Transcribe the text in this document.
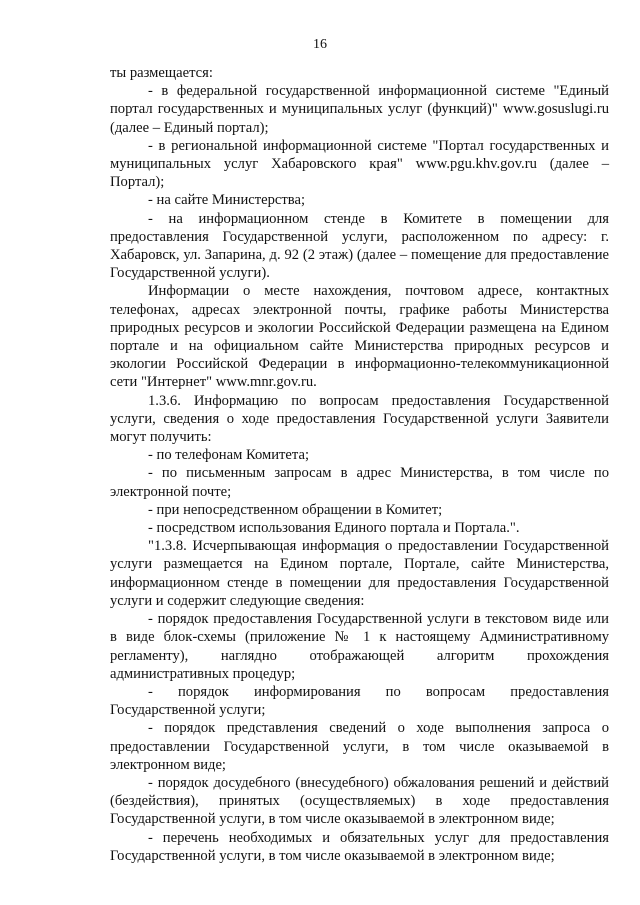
16

ты размещается:

- в федеральной государственной информационной системе "Единый портал государственных и муниципальных услуг (функций)" www.gosuslugi.ru (далее – Единый портал);

- в региональной информационной системе "Портал государственных и муниципальных услуг Хабаровского края" www.pgu.khv.gov.ru (далее – Портал);

- на сайте Министерства;

- на информационном стенде в Комитете в помещении для предоставления Государственной услуги, расположенном по адресу: г. Хабаровск, ул. Запарина, д. 92 (2 этаж) (далее – помещение для предоставление Государственной услуги).

Информации о месте нахождения, почтовом адресе, контактных телефонах, адресах электронной почты, графике работы Министерства природных ресурсов и экологии Российской Федерации размещена на Едином портале и на официальном сайте Министерства природных ресурсов и экологии Российской Федерации в информационно-телекоммуникационной сети "Интернет" www.mnr.gov.ru.

1.3.6. Информацию по вопросам предоставления Государственной услуги, сведения о ходе предоставления Государственной услуги Заявители могут получить:

- по телефонам Комитета;

- по письменным запросам в адрес Министерства, в том числе по электронной почте;

- при непосредственном обращении в Комитет;

- посредством использования Единого портала и Портала.".

"1.3.8. Исчерпывающая информация о предоставлении Государственной услуги размещается на Едином портале, Портале, сайте Министерства, информационном стенде в помещении для предоставления Государственной услуги и содержит следующие сведения:

- порядок предоставления Государственной услуги в текстовом виде или в виде блок-схемы (приложение № 1 к настоящему Административному регламенту), наглядно отображающей алгоритм прохождения административных процедур;

- порядок информирования по вопросам предоставления Государственной услуги;

- порядок представления сведений о ходе выполнения запроса о предоставлении Государственной услуги, в том числе оказываемой в электронном виде;

- порядок досудебного (внесудебного) обжалования решений и действий (бездействия), принятых (осуществляемых) в ходе предоставления Государственной услуги, в том числе оказываемой в электронном виде;

- перечень необходимых и обязательных услуг для предоставления Государственной услуги, в том числе оказываемой в электронном виде;
